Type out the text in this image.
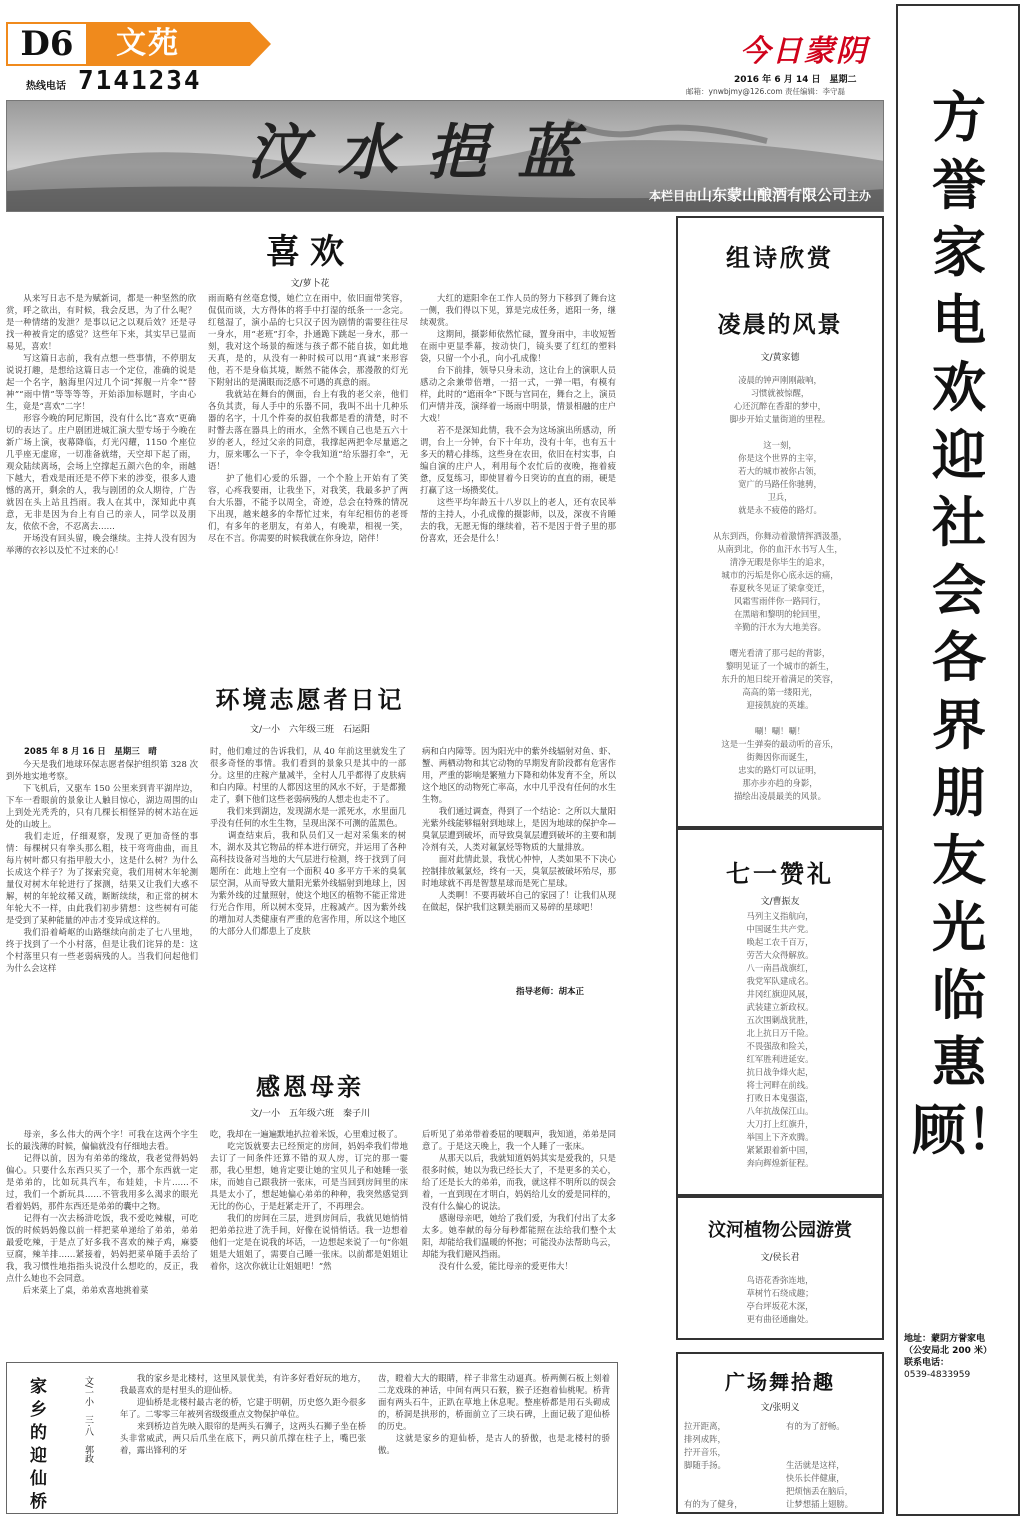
D6	文苑
热线电话 7141234
今日蒙阴
2016 年 6 月 14 日　星期二
邮箱：ynwbjmy@126.com 责任编辑：李守磊
汶水挹蓝
本栏目由山东蒙山酿酒有限公司主办
喜欢
文/萝卜花
　　从来写日志不是为赋新词，都是一种坚然的欣赏，呼之欲出，有时候，我会反思，为了什么呢？是一种情绪的发泄？是事以记之以观后效？还是寻找一种被肯定的感觉？这些年下来，其实早已显而易见，喜欢！
　　写这篇日志前，我有点想一些事情，不停朋友说说打趣，是想给这篇日志一个定位，准确的说是起一个名字，脑海里闪过几个词“挥舰一片伞”“替神”“雨中情”等等等等，开始添加标题时，字由心生，竟是“喜欢”二字！
　　形容今晚的阿尼斯国，没有什么比“喜欢”更确切的表达了。庄户剧团进城汇演大型专场于今晚在新广场上演，夜幕降临，灯光闪耀，1150 个座位几乎座无虚席，一切准备就绪，天空却下起了雨，观众陆续离场，会场上空撑起五颜六色的伞，雨越下越大，看戏是雨还是不停下来的涉变，很多人遗憾的离开，剩余的人，我与剧团的众人期待，广告就因在头上站且挡雨。我人在其中，深知此中真意，无非是因为台上有自己的亲人，同学以及朋友，依依不舍，不忍离去……
　　开场没有回头留，晚会继续。主持人没有因为举薄的衣衫以及忙不过来的心！
雨而略有丝毫怠慢，她伫立在雨中，依旧面带笑容，侃侃而谈，大方得体的将手中打湿的纸条一一念完。红毯湿了，演小品的七只汉子因为剧情的需要往往尽一身水，用“老班”打伞，扑通跪下跳起一身水，那一刻，我对这个场景的痴迷与孩子都不能自拔，如此地天真，是的，从没有一种时候可以用“真诚”来形容他，若不是身临其境，断然不能体会，那漫散的灯光下附射出的是满眼而泛感不可遇的真意的雨。
　　我就站在舞台的侧面，台上有我的老父亲，他们各负其责，每人手中的乐器不同，我叫不出十几种乐器的名字，十几个件奏的叔伯我都是看的清楚，时不时瞥去落在器具上的雨水，全然不顾自己也是五六十岁的老人，经过父亲的同意，我撑起两把伞尽量遮之力，原来哪么一下子，伞令我知道“给乐器打伞”，无语！
　　护了他们心爱的乐器，一个个脸上开始有了笑容，心疼我要雨，让我坐下，对我笑，我最多护了两台大乐器，不能予以周全，奇迹，总会在特殊的情况下出现，越来越多的伞帮忙过来，有年纪相仿的老哥们，有多年的老朋友，有弟人，有晚辈，相视一笑，尽在不言。你需要的时候我就在你身边，陪伴！
　　大红的遮阳伞在工作人员的努力下移到了舞台这一侧，我们得以下见，算是完成任务，遮阳一务，继续观赏。
　　这期间，摄影师依然忙碌，置身雨中，丰收短暂在雨中更显季幕，按动快门，镜头要了红红的塑料袋，只留一个小孔，向小孔成像！
　　台下前排，领导只身未动，这让台上的演职人员感动之余兼带倍增，一招一式，一弹一唱，有模有样，此时的“遮雨伞”下既与宫同在，舞台之上，演员们声情并茂，演绎着一场雨中明景，情景相融的庄户大戏！
　　若不是深知此情，我不会为这场演出所感动，所谓，台上一分钟，台下十年功，没有十年，也有五十多天的精心排练，这些身在农田，依旧在村实事，白编自演的庄户人，利用每个农忙后的夜晚，拖着疲惫，反复练习，即使冒着今日突访的直直的雨，硬是打赢了这一场攒奖仗。
　　这些平均年龄五十八岁以上的老人，还有农民举帮的主持人，小孔成像的摄影师，以及，深夜不肯睡去的我，无愿无悔的继续着，若不是因于骨子里的那份喜欢，还会是什么！
环境志愿者日记
文/一小　六年级三班　石运阳
2085 年 8 月 16 日　星期三　晴
　　今天是我们地球环保志愿者保护组织第 328 次到外地实地考察。
　　下飞机后，又驱车 150 公里来到青平湖岸边，下车一看眼前的景象让人触目惊心，湖边周围的山上到处光秃秃的，只有几棵长相怪异的树木站在远处的山坡上。
　　我们走近，仔细观察，发现了更加奇怪的事情：每棵树只有拳头那么粗，枝干弯弯曲曲，而且每片树叶都只有指甲般大小，这是什么树？为什么长成这个样子？为了探索究竟，我们用树木年轮测量仪对树木年轮进行了探测，结果又让我们大惑不解，树的年轮纹稀又疏，断断续续，和正常的树木年轮大不一样，由此我们初步猜想：这些树有可能是受到了某种能量的冲击才变异成这样的。
　　我们沿着崎岖的山路继续向前走了七八里地，终于找到了一个小村落，但是让我们诧异的是：这个村落里只有一些老弱病残的人。当我们问起他们为什么会这样
时，他们难过的告诉我们，从 40 年前这里就发生了很多奇怪的事情。我们看到的景象只是其中的一部分。这里的庄稼产量减半，全村人几乎都得了皮肤病和白内障。村里的人都因这里的风水不好，于是都搬走了，剩下他们这些老弱病残的人想走也走不了。
　　我们来到湖边，发现湖水是一派死水，水里面几乎没有任何的水生生物，呈现出深不可测的蓝黑色。
　　调查结束后，我和队员们又一起对采集来的树木，湖水及其它物品的样本进行研究，并运用了各种高科技设备对当地的大气层进行检测，终于找到了问题所在：此地上空有一个面积 40 多平方千米的臭氧层空洞，从而导致大量阳光紫外线辐射到地球上，因为紫外线的过量照射，使这个地区的植物不能正常进行光合作用，所以树木变异，庄稼减产。因为紫外线的增加对人类健康有严重的危害作用，所以这个地区的大部分人们都患上了皮肤
病和白内障等。因为阳光中的紫外线辐射对鱼、虾、蟹、两栖动物和其它动物的早期发育阶段都有危害作用，严重的影响是繁殖力下降和幼体发育不全，所以这个地区的动物死亡率高，水中几乎没有任何的水生生物。
　　我们通过调查，得到了一个结论：之所以大量阳光紫外线能够辐射到地球上，是因为地球的保护伞—臭氧层遭到破坏，而导致臭氧层遭到破坏的主要和制冷剂有关，人类对氟氯烃等物质的大量排放。
　　面对此情此景，我忧心忡忡，人类如果不下决心控制排放氟氯烃，终有一天，臭氧层被破坏殆尽，那时地球就不再是智慧星球而是死亡星球。
　　人类啊！不要再破坏自己的家园了！让我们从现在做起，保护我们这颗美丽而又易碎的星球吧！
指导老师：胡本正
感恩母亲
文/一小　五年级六班　秦子川
　　母亲，多么伟大的两个字！可我在这两个字生长的最浅薄的时候，偏偏就没有仔细地去看。
　　记得以前，因为有弟弟的缘故，我老觉得妈妈偏心。只要什么东西只买了一个，那个东西就一定是弟弟的，比如玩具汽车，布娃娃，卡片……不过，我们一个新玩具……不管我用多么渴求的眼光看着妈妈，那件东西还是弟弟的囊中之物。
　　记得有一次去杨浒吃饭，我不爱吃辣椒，可吃饭的时候妈妈像以前一样把菜单递给了弟弟，弟弟最爱吃辣，于是点了好多我不喜欢的辣子鸡，麻婆豆腐，辣羊排……紧接着，妈妈把菜单随手丢给了我，我习惯性地指指头说没什么想吃的，反正，我点什么她也不会同意。
　　后来菜上了桌，弟弟欢喜地挑着菜
吃，我却在一遍遍默地扒拉着米饭，心里难过极了。
　　吃完饭就要去已经预定的房间，妈妈牵我们带地去订了一间条件还算不错的双人房，订完的那一霎那，我心里想，她肯定要让她的宝贝儿子和她睡一张床，而她自己跟我挤一张床，可是当回到房间里的床具是太小了，想起她偏心弟弟的种种，我突然感觉到无比的伤心，于是赶紧走开了，不再理会。
　　我们的房间在三层，进到房间后，我就见她悄悄把弟弟拉进了洗手间，好像在说悄悄话。我一边想着他们一定是在说我的坏话，一边想起来说了一句“你姐姐是大姐姐了，需要自己睡一张床。以前都是姐姐让着你，这次你就让让姐姐吧！”然
后听见了弟弟带着委屈的哽咽声，我知道，弟弟是同意了。于是这天晚上，我一个人睡了一张床。
　　从那天以后，我就知道妈妈其实是爱我的，只是很多时候，她以为我已经长大了，不是更多的关心，给了还是长大的弟弟，而我，就这样不明所以的误会着，一直到现在才明白，妈妈给儿女的爱是同样的，没有什么偏心的说法。
　　感谢母亲吧，她给了我们爱，为我们付出了太多太多。她奉献的每分每秒都能照在法给我们整个太阳，却能给我们温暖的怀抱；可能没办法帮助鸟云，却能为我们避风挡雨。
　　没有什么爱，能比母亲的爱更伟大！
家乡的迎仙桥
文/一小　三·八　郭政	　　我的家乡是北楼村，这里风景优美，有许多好看好玩的地方，我最喜欢的是村里头的迎仙桥。
　　迎仙桥是北楼村最古老的桥，它建于明朝，历史悠久距今很多年了。二零零三年被列省级级重点文物保护单位。
　　来到桥边首先映入眼帘的是两头石狮子，这两头石狮子坐在桥头非常威武，两只后爪坐在底下，两只前爪撑在柱子上，嘴巴张着，露出锋利的牙
齿，瞪着大大的眼睛，样子非常生动逼真。桥两侧石板上刻着二龙戏珠的神话，中间有两只石猴，猴子还抱着仙桃呢。桥背面有两头石牛，正趴在草地上休息呢。整座桥都是用石头砌成的，桥洞是拱形的，桥面前立了三块石碑，上面记载了迎仙桥的历史。
　　这就是家乡的迎仙桥，是古人的骄傲，也是北楼村的骄傲。
组诗欣赏
凌晨的风景
文/黄家德
凌晨的钟声刚刚敲响，
习惯就被惊醒，
心还沉醉在香甜的梦中，
脚步开始丈量街道的里程。

这一刻，
你是这个世界的主宰，
若大的城市被你占领，
宽广的马路任你驰骋，
卫兵，
就是永不疲倦的路灯。

从东到西，你舞动着激情挥洒汲墨，
从南到北，你的血汗水书写人生，
清净无暇是你毕生的追求，
城市的污垢是你心底永远的痛，
春夏秋冬见证了梁拿变迁，
风霜雪雨伴你一路同行，
在黑暗和黎明的轮回里，
辛勤的汗水为大地美容。

曙光看清了那弓起的背影，
黎明见证了一个城市的新生，
东升的旭日绽开着满足的笑容，
高高的第一缕阳光，
迎接凯旋的英雄。

唰！唰！唰！
这是一生弹奏的最动听的音乐，
街舞因你而诞生，
忠实的路灯可以证明，
那亦步亦趋的身影，
描绘出凌晨最美的风景。
七一赞礼
文/曹振友
马列主义指航向，
中国诞生共产党。
唤起工农千百万，
劳苦大众得解放。
八一南昌战旗红，
我党军队建成名。
井冈红旗迎风展，
武装建立新政权。
五次围剿战犹胜，
北上抗日万千险。
不畏强敌和险关，
红军胜利进延安。
抗日战争烽火起，
将士河畔在前线。
打败日本鬼强盗，
八年抗战保江山。
大刀打上红旗升，
举国上下齐欢腾。
紧紧跟着新中国，
奔向辉煌新征程。
汶河植物公园游赏
文/侯长君
鸟语花香弥连地，
草树竹石绕成趣；
亭台坪坂花木深，
更有曲径通幽处。
广场舞拾趣
文/张明义
拉开距离，
排列成阵，
拧开音乐，
脚随手扬。

有的为了健身，
有的为了舒畅。

生活就是这样，
快乐长伴健康，
把烦恼丢在脑后，
让梦想插上翅膀。
方誉家电欢迎社会各界朋友光临惠顾！
地址：蒙阴方誉家电
（公安局北 200 米）
联系电话：
0539-4833959
